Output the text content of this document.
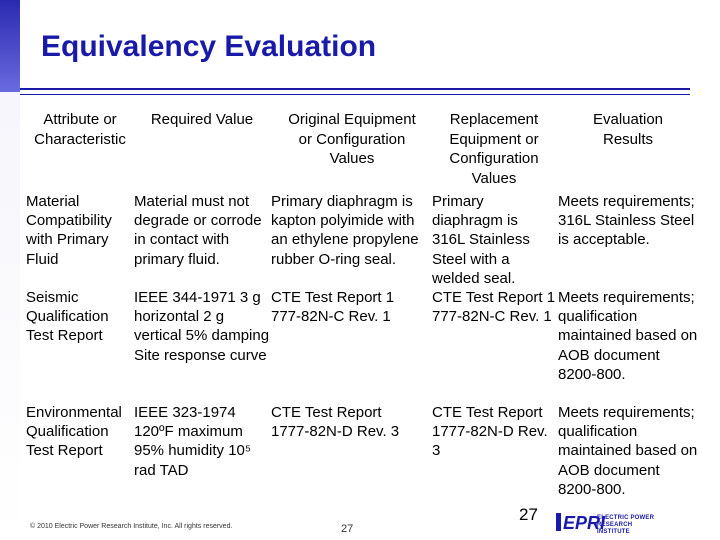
Equivalency Evaluation
Attribute or Characteristic
Required Value	Original Equipment or Configuration Values
Replacement Equipment or Configuration Values
Evaluation Results
Material Compatibility with Primary Fluid
Material must not degrade or corrode in contact with primary fluid.
Primary diaphragm is kapton polyimide with an ethylene propylene rubber O-ring seal.
Primary diaphragm is 316L Stainless Steel with a welded seal.
Meets requirements; 316L Stainless Steel is acceptable.
Seismic Qualification Test Report
IEEE 344-1971 3 g horizontal 2 g vertical 5% damping Site response curve
CTE Test Report 1 777-82N-C Rev. 1
CTE Test Report 1 777-82N-C Rev. 1
Meets requirements; qualification maintained based on AOB document 8200-800.
Environmental Qualification Test Report
IEEE 323-1974 120ºF maximum 95% humidity 10⁵ rad TAD
CTE Test Report 1777-82N-D Rev. 3
CTE Test Report 1777-82N-D Rev. 3
Meets requirements; qualification maintained based on AOB document 8200-800.
© 2010 Electric Power Research Institute, Inc. All rights reserved.	27
27 EPRI
ELECTRIC POWER RESEARCH INSTITUTE
